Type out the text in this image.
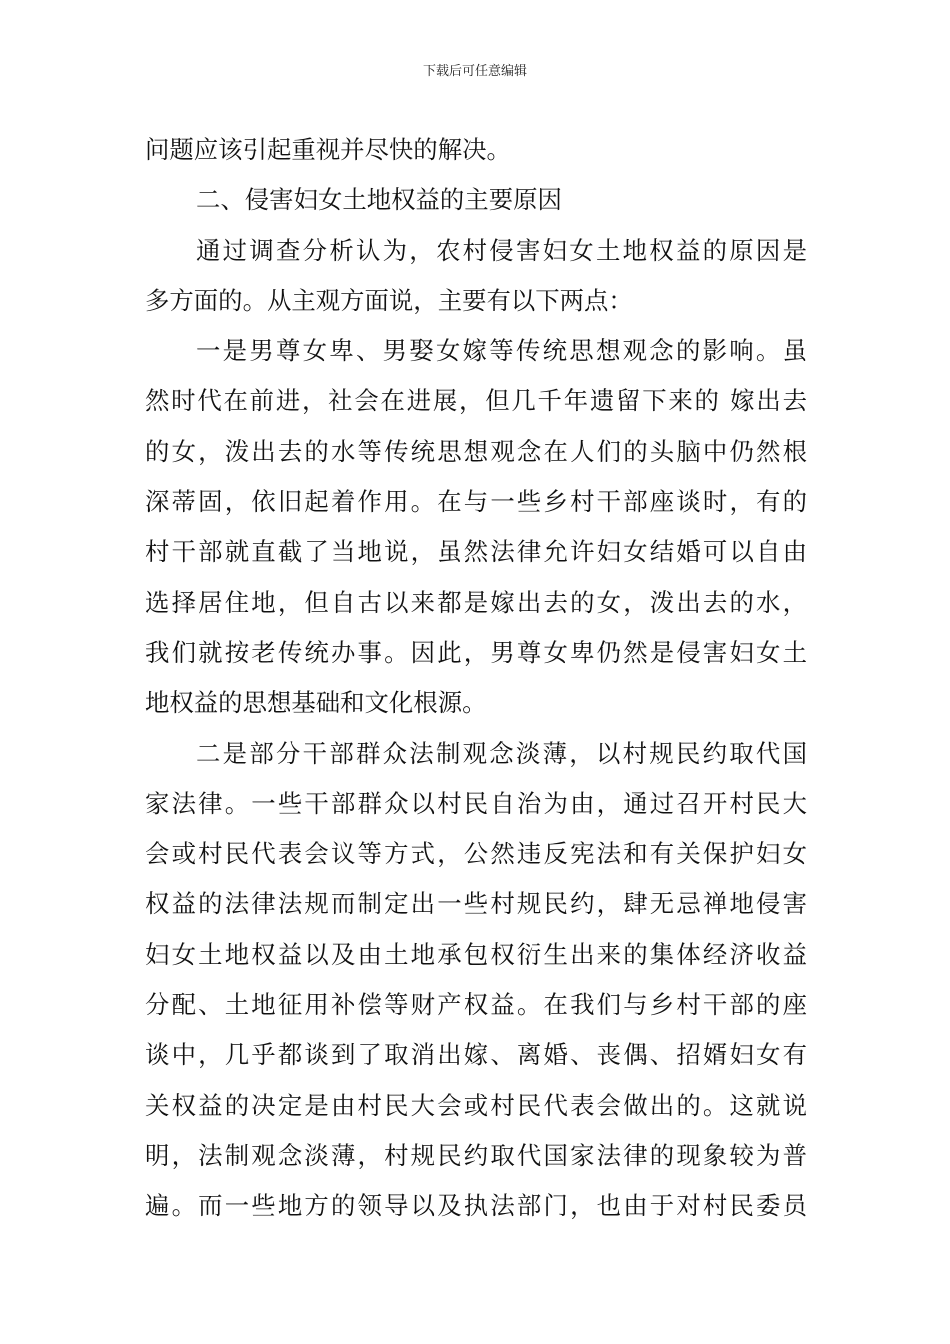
下载后可任意编辑
问题应该引起重视并尽快的解决。
二、侵害妇女土地权益的主要原因
通过调查分析认为，农村侵害妇女土地权益的原因是
多方面的。从主观方面说，主要有以下两点：
一是男尊女卑、男娶女嫁等传统思想观念的影响。虽
然时代在前进，社会在进展，但几千年遗留下来的 嫁出去
的女，泼出去的水等传统思想观念在人们的头脑中仍然根
深蒂固，依旧起着作用。在与一些乡村干部座谈时，有的
村干部就直截了当地说，虽然法律允许妇女结婚可以自由
选择居住地，但自古以来都是嫁出去的女，泼出去的水，
我们就按老传统办事。因此，男尊女卑仍然是侵害妇女土
地权益的思想基础和文化根源。
二是部分干部群众法制观念淡薄，以村规民约取代国
家法律。一些干部群众以村民自治为由，通过召开村民大
会或村民代表会议等方式，公然违反宪法和有关保护妇女
权益的法律法规而制定出一些村规民约，肆无忌禅地侵害
妇女土地权益以及由土地承包权衍生出来的集体经济收益
分配、土地征用补偿等财产权益。在我们与乡村干部的座
谈中，几乎都谈到了取消出嫁、离婚、丧偶、招婿妇女有
关权益的决定是由村民大会或村民代表会做出的。这就说
明，法制观念淡薄，村规民约取代国家法律的现象较为普
遍。而一些地方的领导以及执法部门，也由于对村民委员
